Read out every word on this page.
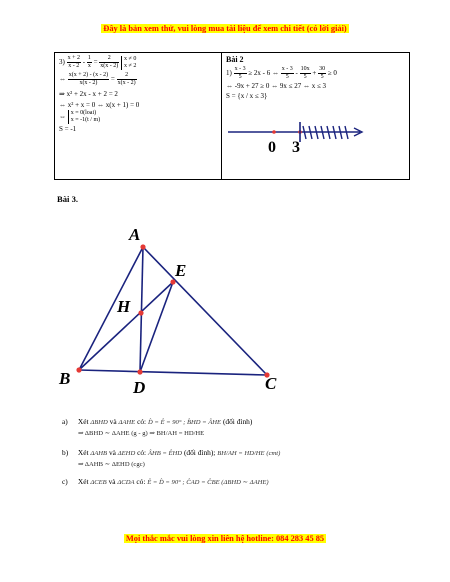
Đây là bản xem thử, vui lòng mua tài liệu để xem chi tiết (có lời giải)
$3) \frac{x + 2}{x - 2} - \frac{1}{x} = \frac{2}{x(x - 2)}$
x ≠ 0
x ≠ 2
⇔ $\frac{x(x + 2) - (x - 2)}{x(x - 2)} = \frac{2}{x(x - 2)}$
⇒ x² + 2x - x + 2 = 2
⇔ x² + x = 0 ⇔ x(x + 1) = 0
⇔ x = 0(loai)
x = -1(t / m)
S = -1

Bài 2
$1) \frac{x - 3}{5} \ge 2x - 6$ ⇔ $\frac{x - 3}{5} - \frac{10x}{5} + \frac{30}{5} \ge 0$
⇔ -9x + 27 ≥ 0 ⇔ 9x ≤ 27 ⇔ x ≤ 3
S = {x / x ≤ 3}
Bài 3.
0 3
A
E
H
B	D	C
a) Xét ΔBHD và ΔAHE có: D̂ = Ê = 90° ; B̂HD = ÂHE (đối đỉnh)
⇒ ΔBHD ∼ ΔAHE (g - g) ⇒ BH/AH = HD/HE
b) Xét ΔAHB và ΔEHD có: ÂHB = ÊHD (đối đỉnh); BH/AH = HD/HE (cmt)
⇒ ΔAHB ∼ ΔEHD (cgc)
c) Xét ΔCEB và ΔCDA có: Ê = D̂ = 90° ; ĈAD = ĈBE (ΔBHD ∼ ΔAHE)
Mọi thắc mắc vui lòng xin liên hệ hotline: 084 283 45 85
